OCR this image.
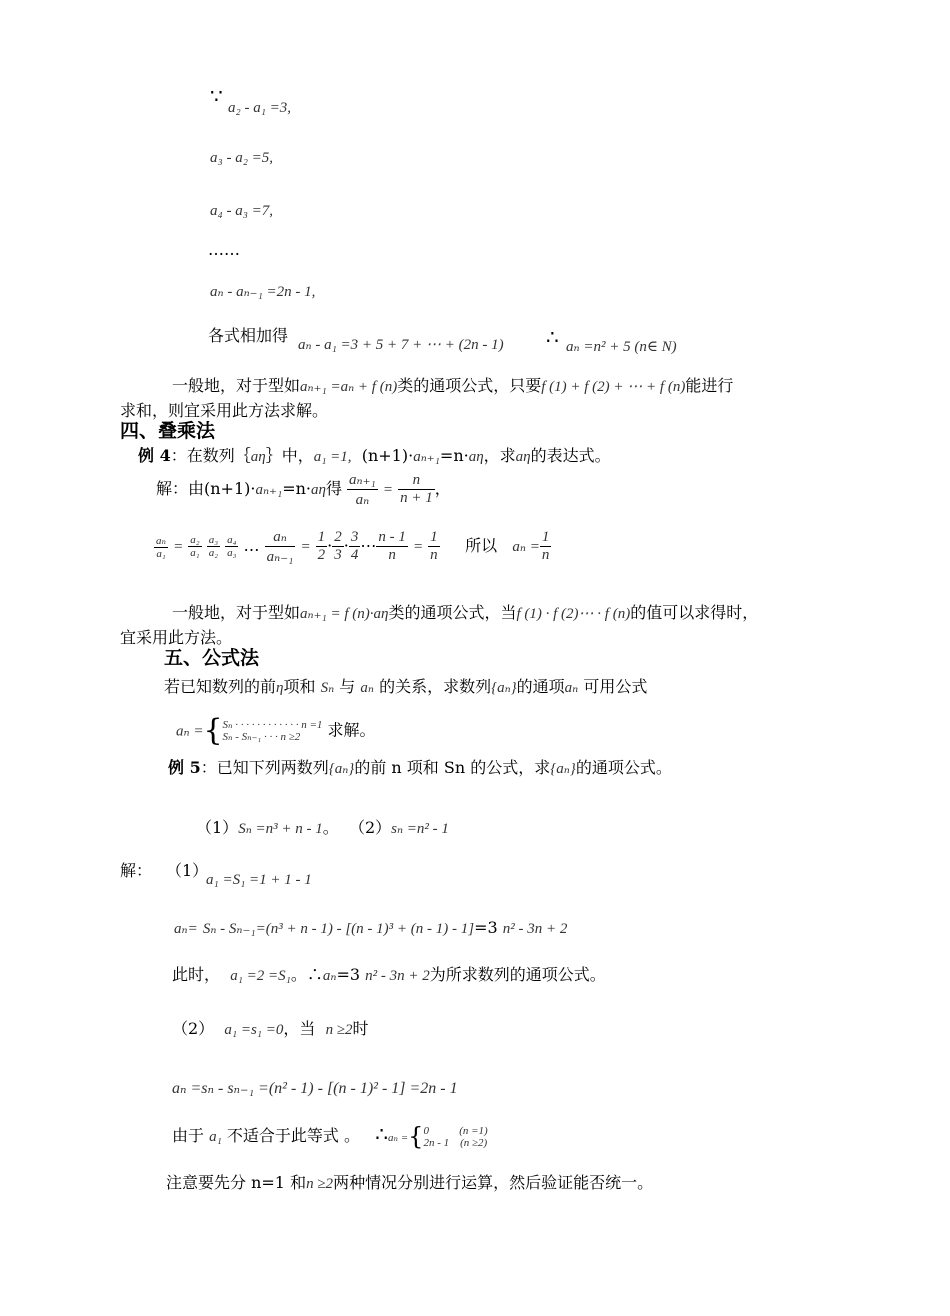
∵ a₂ - a₁ =3,
a₃ - a₂ =5,
a₄ - a₃ =7,
……
aₙ - aₙ₋₁ =2n - 1,
各式相加得 aₙ - a₁ =3 + 5 + 7 + ⋯ + (2n - 1) ∴ aₙ =n² + 5 (n∈ N)
一般地，对于型如aₙ₊₁ =aₙ + f (n)类的通项公式，只要f (1) + f (2) + ⋯ + f (n)能进行
求和，则宜采用此方法求解。
四、叠乘法
例 4：在数列｛aη｝中，a₁ =1, (n+1)·aₙ₊₁=n·aη，求aη的表达式。
解：由(n+1)·aₙ₊₁=n·aη得 $\frac{\text{aₙ₊₁}}{\text{aₙ}} = \frac{n}{n + 1}$ ，
$\frac{\text{aₙ}}{\text{a₁}} = \frac{\text{a₂}}{\text{a₁}}$
$\frac{\text{a₃}}{\text{a₂}}$
$\frac{\text{a₄}}{\text{a₃}}$ … $\frac{\text{aₙ}}{\text{aₙ₋₁}} = \frac{1}{2} \cdot \frac{2}{3} \cdot \frac{3}{4}$ ⋯ $\frac{n - 1}{n} = \frac{1}{n}$ 所以 $a_n = \frac{1}{n}$
一般地，对于型如aₙ₊₁ = f (n)·aη类的通项公式，当f (1) · f (2)⋯ · f (n)的值可以求得时，
宜采用此方法。
五、公式法
若已知数列的前η项和 Sₙ 与 aₙ 的关系，求数列{aₙ}的通项aₙ 可用公式
aₙ ={ Sₙ · · · · · · · · · · · · n =1
Sₙ - Sₙ₋₁ · · · n ≥2	求解。
例 5：已知下列两数列{aₙ}的前 n 项和 Sn 的公式，求{aₙ}的通项公式。
（1）Sₙ =n³ + n - 1。 （2）sₙ =n² - 1
解： （1）
a₁ =S₁ =1 + 1 - 1
aₙ= Sₙ - Sₙ₋₁=(n³ + n - 1) - [(n - 1)³ + (n - 1) - 1]=3 n² - 3n + 2
此时， a₁ =2 =S₁。∴aₙ=3 n² - 3n + 2为所求数列的通项公式。
（2） a₁ =s₁ =0，当 n ≥2时
aₙ =sₙ - sₙ₋₁ =(n² - 1) - [(n - 1)² - 1] =2n - 1
由于 a₁ 不适合于此等式 。 ∴aₙ ={ 0	(n =1)
2n - 1 (n ≥2)
注意要先分 n=1 和n ≥2两种情况分别进行运算，然后验证能否统一。
